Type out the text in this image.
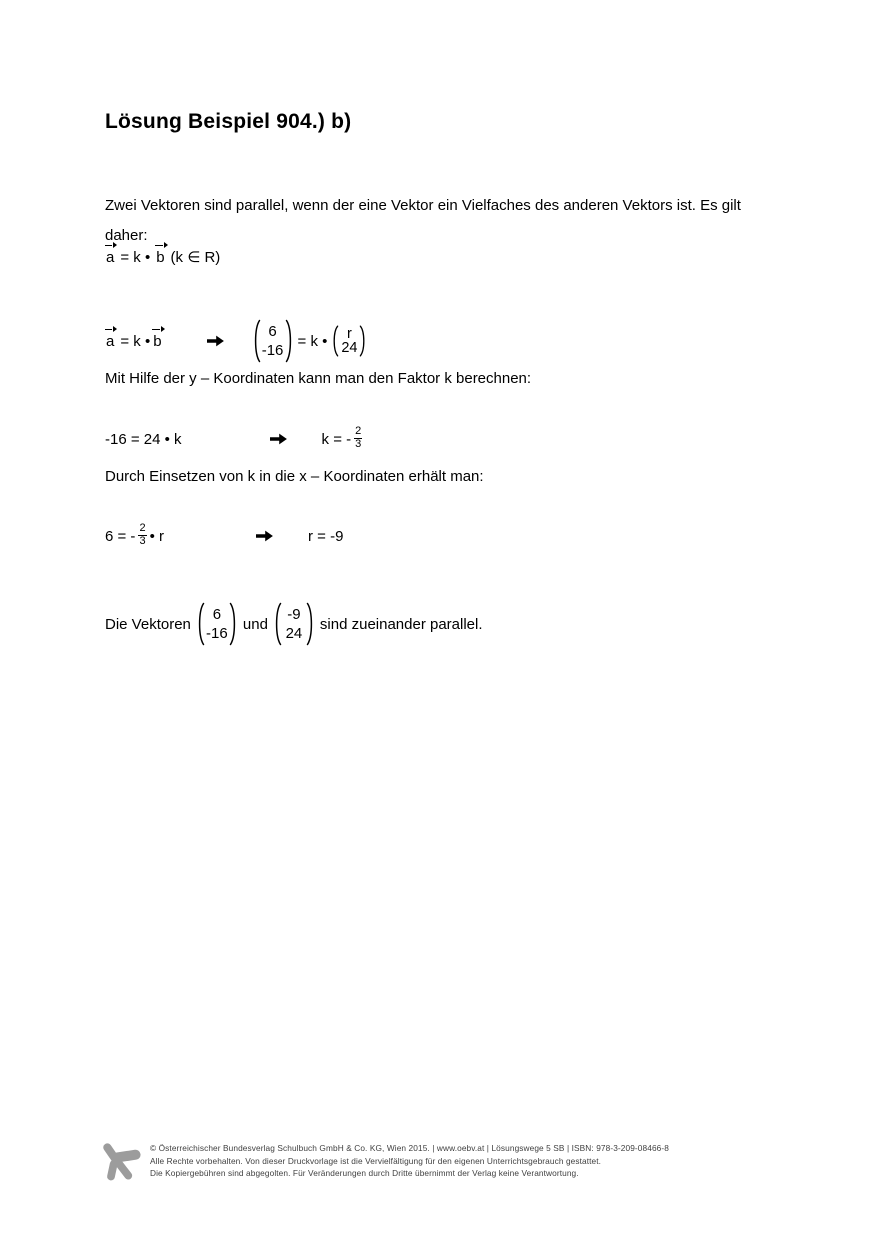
Lösung Beispiel 904.) b)
Zwei Vektoren sind parallel, wenn der eine Vektor ein Vielfaches des anderen Vektors ist. Es gilt
daher:
a = k • b (k ∈ R)
a = k • b
6
-16
= k • r
24
Mit Hilfe der y – Koordinaten kann man den Faktor k berechnen:
-16 = 24 • k	k = - $\frac{2}{3}$
Durch Einsetzen von k in die x – Koordinaten erhält man:
6 = - $\frac{2}{3}$ • r	r = -9
Die Vektoren
6
-16
und
-9
24
sind zueinander parallel.
© Österreichischer Bundesverlag Schulbuch GmbH & Co. KG, Wien 2015. | www.oebv.at | Lösungswege 5 SB | ISBN: 978-3-209-08466-8
Alle Rechte vorbehalten. Von dieser Druckvorlage ist die Vervielfältigung für den eigenen Unterrichtsgebrauch gestattet.
Die Kopiergebühren sind abgegolten. Für Veränderungen durch Dritte übernimmt der Verlag keine Verantwortung.
